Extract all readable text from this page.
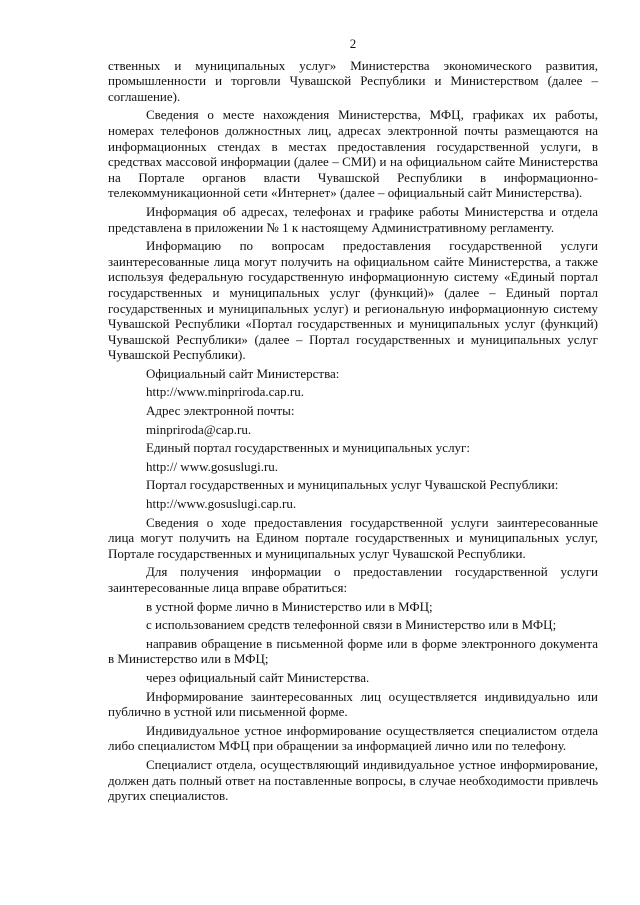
2

ственных и муниципальных услуг» Министерства экономического развития, промышленности и торговли Чувашской Республики и Министерством (далее – соглашение).

Сведения о месте нахождения Министерства, МФЦ, графиках их работы, номерах телефонов должностных лиц, адресах электронной почты размещаются на информационных стендах в местах предоставления государственной услуги, в средствах массовой информации (далее – СМИ) и на официальном сайте Министерства на Портале органов власти Чувашской Республики в информационно-телекоммуникационной сети «Интернет» (далее – официальный сайт Министерства).

Информация об адресах, телефонах и графике работы Министерства и отдела представлена в приложении № 1 к настоящему Административному регламенту.

Информацию по вопросам предоставления государственной услуги заинтересованные лица могут получить на официальном сайте Министерства, а также используя федеральную государственную информационную систему «Единый портал государственных и муниципальных услуг (функций)» (далее – Единый портал государственных и муниципальных услуг) и региональную информационную систему Чувашской Республики «Портал государственных и муниципальных услуг (функций) Чувашской Республики» (далее – Портал государственных и муниципальных услуг Чувашской Республики).

Официальный сайт Министерства:
http://www.minpriroda.cap.ru.
Адрес электронной почты:
minpriroda@cap.ru.
Единый портал государственных и муниципальных услуг:
http:// www.gosuslugi.ru.
Портал государственных и муниципальных услуг Чувашской Республики:
http://www.gosuslugi.cap.ru.

Сведения о ходе предоставления государственной услуги заинтересованные лица могут получить на Едином портале государственных и муниципальных услуг, Портале государственных и муниципальных услуг Чувашской Республики.

Для получения информации о предоставлении государственной услуги заинтересованные лица вправе обратиться:

в устной форме лично в Министерство или в МФЦ;

с использованием средств телефонной связи в Министерство или в МФЦ;

направив обращение в письменной форме или в форме электронного документа в Министерство или в МФЦ;

через официальный сайт Министерства.

Информирование заинтересованных лиц осуществляется индивидуально или публично в устной или письменной форме.

Индивидуальное устное информирование осуществляется специалистом отдела либо специалистом МФЦ при обращении за информацией лично или по телефону.

Специалист отдела, осуществляющий индивидуальное устное информирование, должен дать полный ответ на поставленные вопросы, в случае необходимости привлечь других специалистов.
